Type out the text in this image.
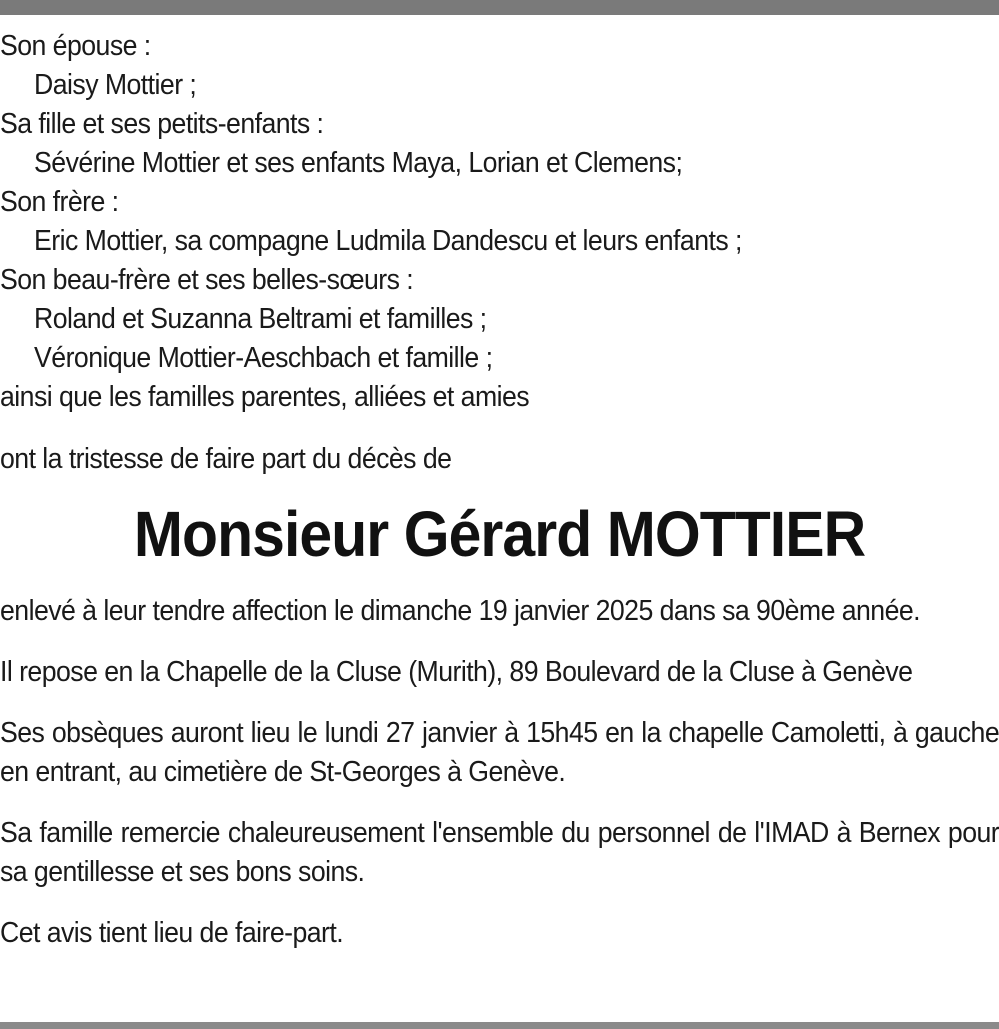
Son épouse :

Daisy Mottier ;

Sa fille et ses petits-enfants :

Sévérine Mottier et ses enfants Maya, Lorian et Clemens;

Son frère :

Eric Mottier, sa compagne Ludmila Dandescu et leurs enfants ;

Son beau-frère et ses belles-sœurs :

Roland et Suzanna Beltrami et familles ;

Véronique Mottier-Aeschbach et famille ;

ainsi que les familles parentes, alliées et amies

ont la tristesse de faire part du décès de

Monsieur Gérard MOTTIER

enlevé à leur tendre affection le dimanche 19 janvier 2025 dans sa 90ème année.

Il repose en la Chapelle de la Cluse (Murith), 89 Boulevard de la Cluse à Genève

Ses obsèques auront lieu le lundi 27 janvier à 15h45 en la chapelle Camoletti, à gauche en entrant, au cimetière de St-Georges à Genève.

Sa famille remercie chaleureusement l'ensemble du personnel de l'IMAD à Bernex pour sa gentillesse et ses bons soins.

Cet avis tient lieu de faire-part.
